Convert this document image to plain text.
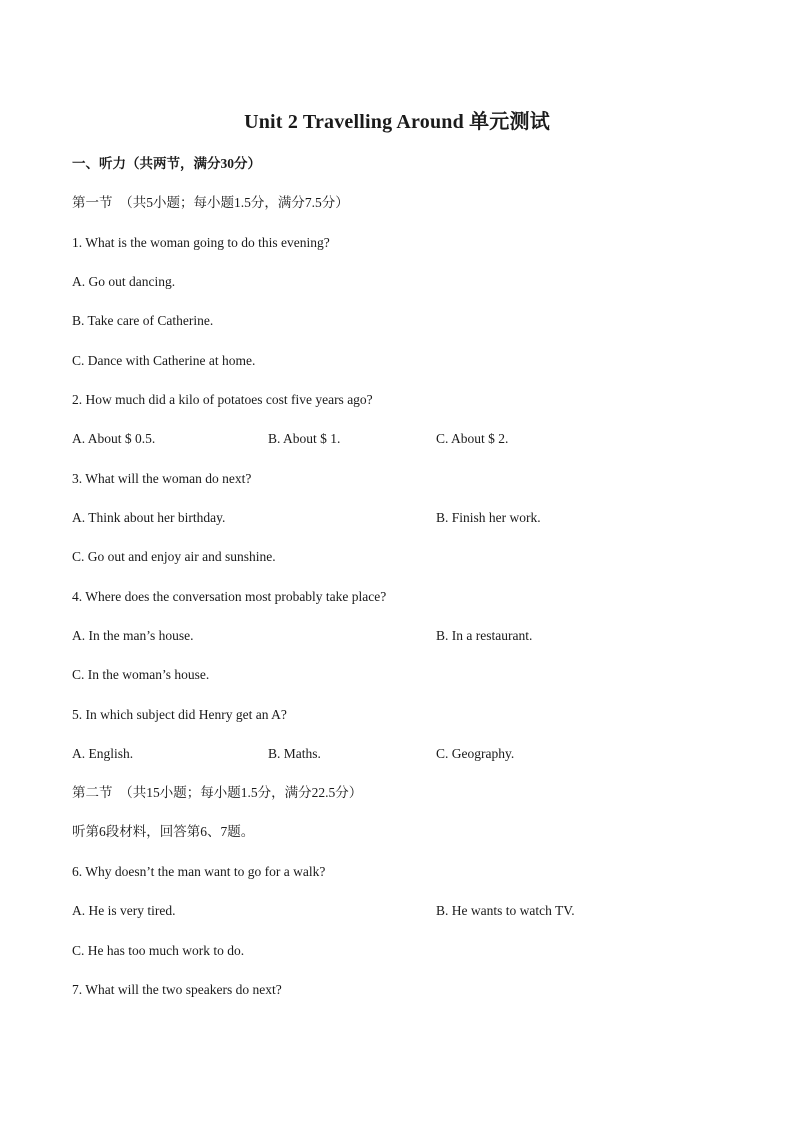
Unit 2 Travelling Around 单元测试
一、听力（共两节，满分30分）
第一节　（共5小题；每小题1.5分，满分7.5分）
1. What is the woman going to do this evening?
A. Go out dancing.
B. Take care of Catherine.
C. Dance with Catherine at home.
2. How much did a kilo of potatoes cost five years ago?
A. About $ 0.5.	B. About $ 1.	C. About $ 2.
3. What will the woman do next?
A. Think about her birthday.	B. Finish her work.
C. Go out and enjoy air and sunshine.
4. Where does the conversation most probably take place?
A. In the man’s house.	B. In a restaurant.
C. In the woman’s house.
5. In which subject did Henry get an A?
A. English.	B. Maths.	C. Geography.
第二节　（共15小题；每小题1.5分，满分22.5分）
听第6段材料，回答第6、7题。
6. Why doesn’t the man want to go for a walk?
A. He is very tired.	B. He wants to watch TV.
C. He has too much work to do.
7. What will the two speakers do next?
